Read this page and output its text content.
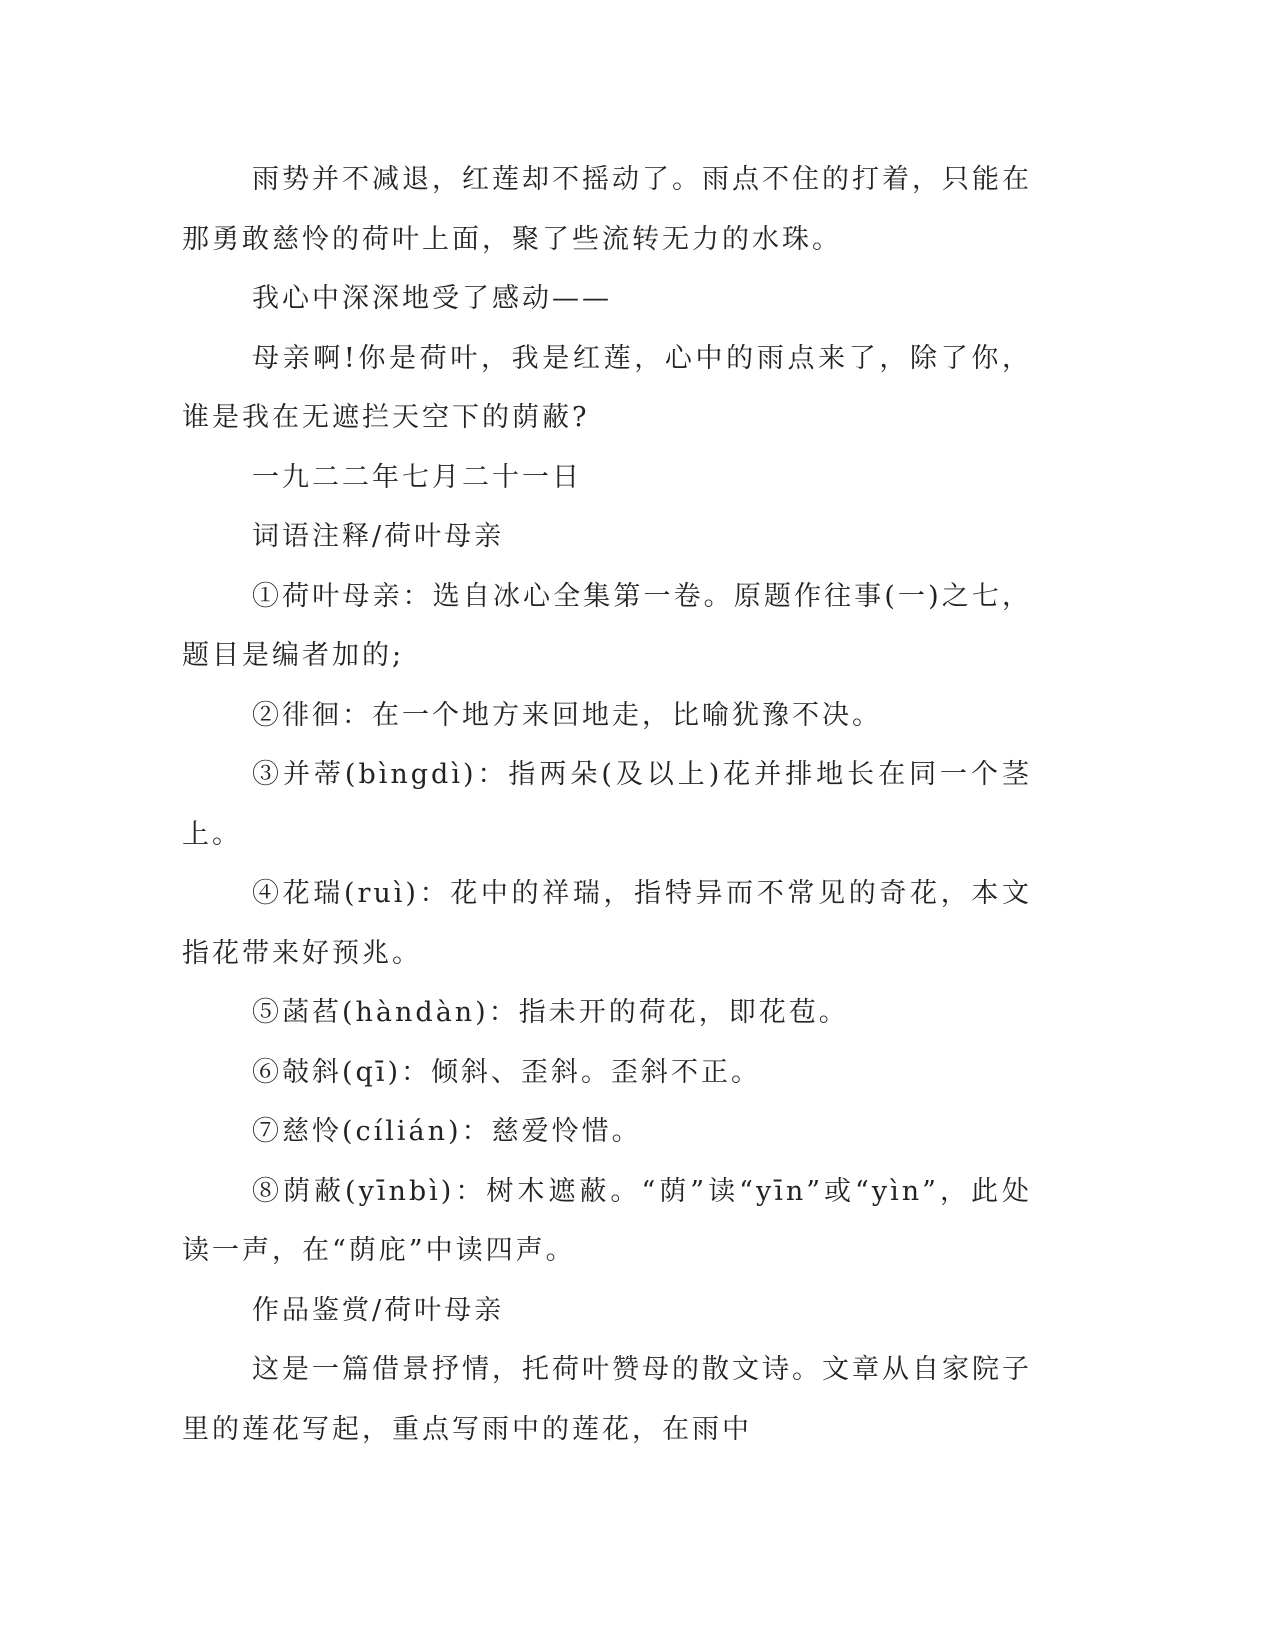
雨势并不减退，红莲却不摇动了。雨点不住的打着，只能在那勇敢慈怜的荷叶上面，聚了些流转无力的水珠。

我心中深深地受了感动——

母亲啊!你是荷叶，我是红莲，心中的雨点来了，除了你，谁是我在无遮拦天空下的荫蔽?

一九二二年七月二十一日

词语注释/荷叶母亲

①荷叶母亲：选自冰心全集第一卷。原题作往事(一)之七，题目是编者加的;

②徘徊：在一个地方来回地走，比喻犹豫不决。

③并蒂(bìngdì)：指两朵(及以上)花并排地长在同一个茎上。

④花瑞(ruì)：花中的祥瑞，指特异而不常见的奇花，本文指花带来好预兆。

⑤菡萏(hàndàn)：指未开的荷花，即花苞。

⑥攲斜(qī)：倾斜、歪斜。歪斜不正。

⑦慈怜(cílián)：慈爱怜惜。

⑧荫蔽(yīnbì)：树木遮蔽。“荫”读“yīn”或“yìn”，此处读一声，在“荫庇”中读四声。

作品鉴赏/荷叶母亲

这是一篇借景抒情，托荷叶赞母的散文诗。文章从自家院子里的莲花写起，重点写雨中的莲花，在雨中
